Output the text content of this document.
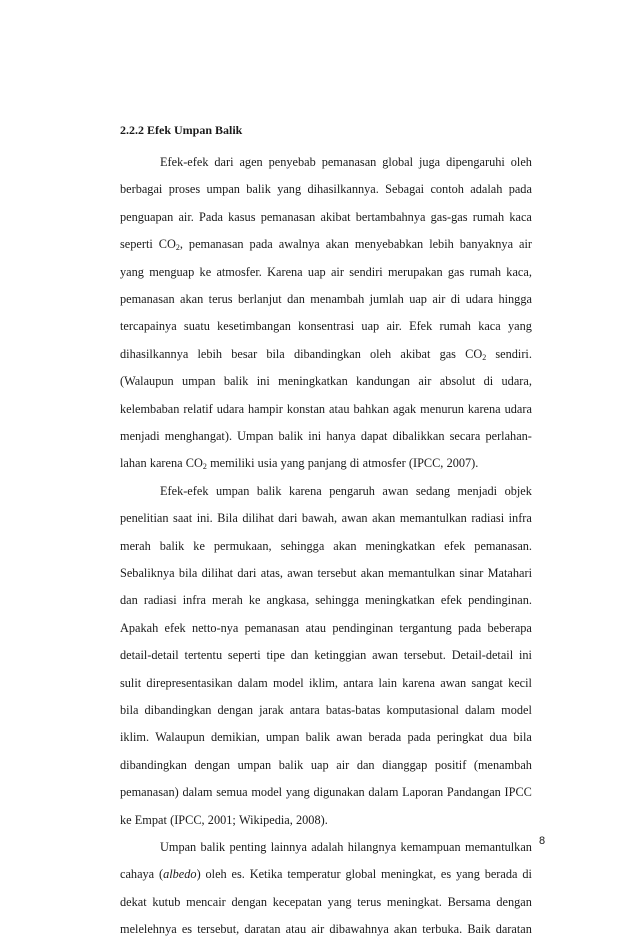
2.2.2 Efek Umpan Balik
Efek-efek dari agen penyebab pemanasan global juga dipengaruhi oleh
berbagai proses umpan balik yang dihasilkannya. Sebagai contoh adalah pada
penguapan air. Pada kasus pemanasan akibat bertambahnya gas-gas rumah kaca
seperti $CO_2$, pemanasan pada awalnya akan menyebabkan lebih banyaknya air
yang menguap ke atmosfer. Karena uap air sendiri merupakan gas rumah kaca,
pemanasan akan terus berlanjut dan menambah jumlah uap air di udara hingga
tercapainya suatu kesetimbangan konsentrasi uap air. Efek rumah kaca yang
dihasilkannya lebih besar bila dibandingkan oleh akibat gas $CO_2$ sendiri.
(Walaupun umpan balik ini meningkatkan kandungan air absolut di udara,
kelembaban relatif udara hampir konstan atau bahkan agak menurun karena udara
menjadi menghangat). Umpan balik ini hanya dapat dibalikkan secara perlahan-
lahan karena $CO_2$ memiliki usia yang panjang di atmosfer (IPCC, 2007).
Efek-efek umpan balik karena pengaruh awan sedang menjadi objek
penelitian saat ini. Bila dilihat dari bawah, awan akan memantulkan radiasi infra
merah balik ke permukaan, sehingga akan meningkatkan efek pemanasan.
Sebaliknya bila dilihat dari atas, awan tersebut akan memantulkan sinar Matahari
dan radiasi infra merah ke angkasa, sehingga meningkatkan efek pendinginan.
Apakah efek netto-nya pemanasan atau pendinginan tergantung pada beberapa
detail-detail tertentu seperti tipe dan ketinggian awan tersebut. Detail-detail ini
sulit direpresentasikan dalam model iklim, antara lain karena awan sangat kecil
bila dibandingkan dengan jarak antara batas-batas komputasional dalam model
iklim. Walaupun demikian, umpan balik awan berada pada peringkat dua bila
dibandingkan dengan umpan balik uap air dan dianggap positif (menambah
pemanasan) dalam semua model yang digunakan dalam Laporan Pandangan IPCC
ke Empat (IPCC, 2001; Wikipedia, 2008).
Umpan balik penting lainnya adalah hilangnya kemampuan memantulkan
cahaya (albedo) oleh es. Ketika temperatur global meningkat, es yang berada di
dekat kutub mencair dengan kecepatan yang terus meningkat. Bersama dengan
melelehnya es tersebut, daratan atau air dibawahnya akan terbuka. Baik daratan
8
